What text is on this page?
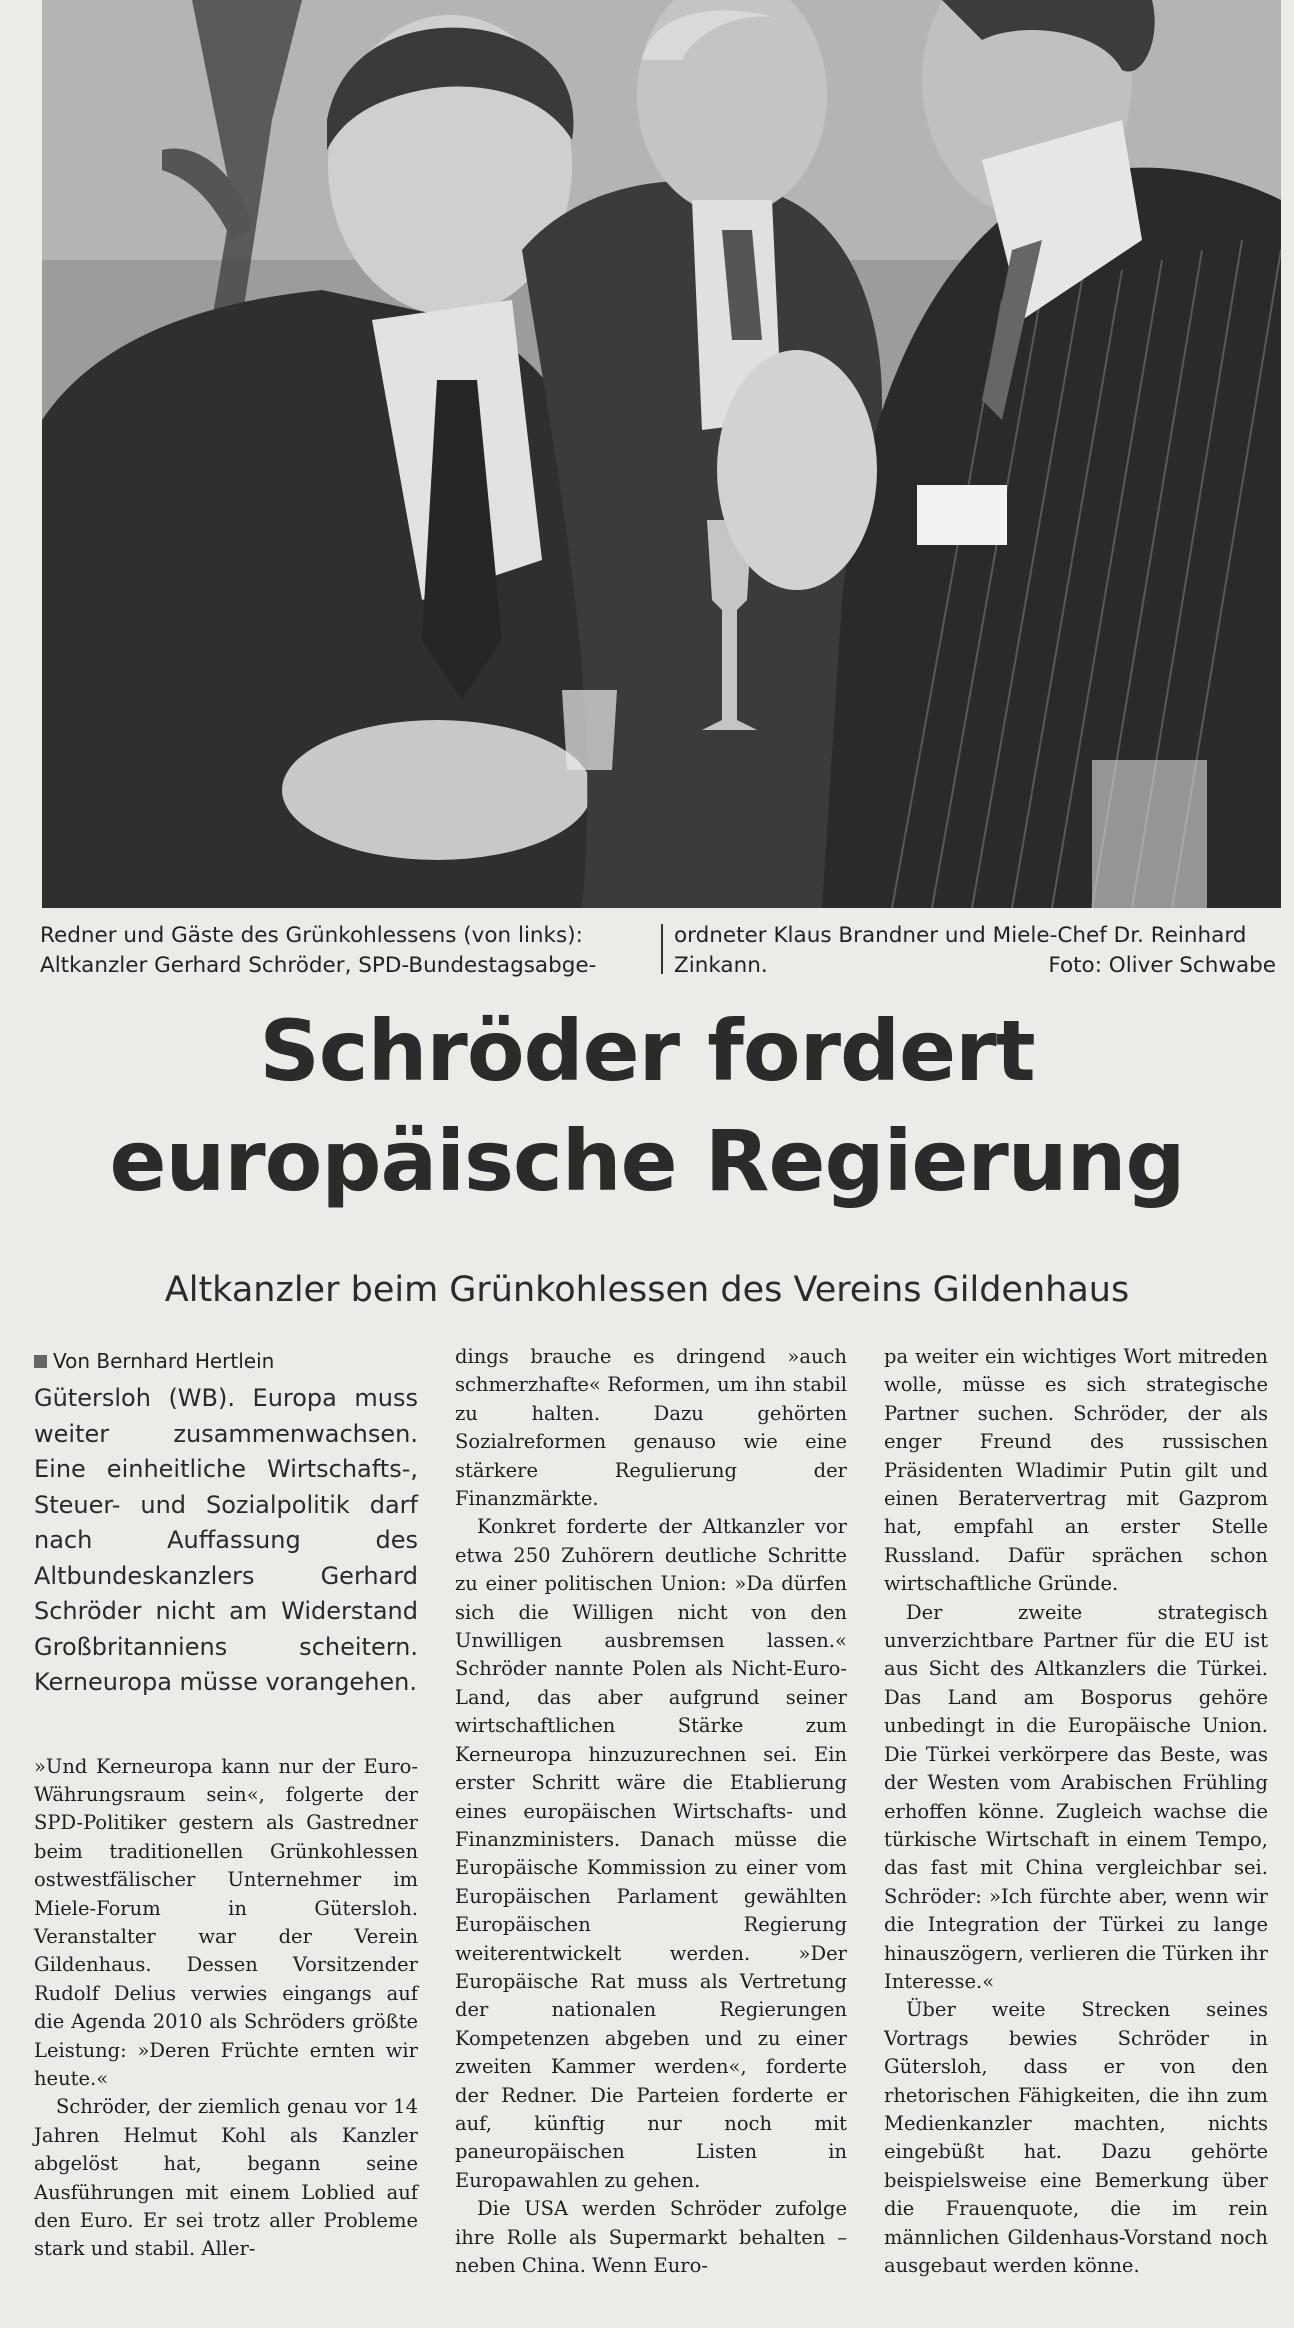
Redner und Gäste des Grünkohlessens (von links): Altkanzler Gerhard Schröder, SPD-Bundestagsabge-
ordneter Klaus Brandner und Miele-Chef Dr. Reinhard Zinkann.	Foto: Oliver Schwabe
Schröder fordert
europäische Regierung
Altkanzler beim Grünkohlessen des Vereins Gildenhaus
Von Bernhard Hertlein

Gütersloh (WB). Europa muss weiter zusammenwachsen. Eine einheitliche Wirtschafts-, Steuer- und Sozialpolitik darf nach Auffassung des Altbundeskanzlers Gerhard Schröder nicht am Widerstand Großbritanniens scheitern. Kerneuropa müsse vorangehen.

»Und Kerneuropa kann nur der Euro-Währungsraum sein«, folgerte der SPD-Politiker gestern als Gastredner beim traditionellen Grünkohlessen ostwestfälischer Unternehmer im Miele-Forum in Gütersloh. Veranstalter war der Verein Gildenhaus. Dessen Vorsitzender Rudolf Delius verwies eingangs auf die Agenda 2010 als Schröders größte Leistung: »Deren Früchte ernten wir heute.«

Schröder, der ziemlich genau vor 14 Jahren Helmut Kohl als Kanzler abgelöst hat, begann seine Ausführungen mit einem Loblied auf den Euro. Er sei trotz aller Probleme stark und stabil. Aller-

dings brauche es dringend »auch schmerzhafte« Reformen, um ihn stabil zu halten. Dazu gehörten Sozialreformen genauso wie eine stärkere Regulierung der Finanzmärkte.

Konkret forderte der Altkanzler vor etwa 250 Zuhörern deutliche Schritte zu einer politischen Union: »Da dürfen sich die Willigen nicht von den Unwilligen ausbremsen lassen.« Schröder nannte Polen als Nicht-Euro-Land, das aber aufgrund seiner wirtschaftlichen Stärke zum Kerneuropa hinzuzurechnen sei. Ein erster Schritt wäre die Etablierung eines europäischen Wirtschafts- und Finanzministers. Danach müsse die Europäische Kommission zu einer vom Europäischen Parlament gewählten Europäischen Regierung weiterentwickelt werden. »Der Europäische Rat muss als Vertretung der nationalen Regierungen Kompetenzen abgeben und zu einer zweiten Kammer werden«, forderte der Redner. Die Parteien forderte er auf, künftig nur noch mit paneuropäischen Listen in Europawahlen zu gehen.

Die USA werden Schröder zufolge ihre Rolle als Supermarkt behalten – neben China. Wenn Euro-

pa weiter ein wichtiges Wort mitreden wolle, müsse es sich strategische Partner suchen. Schröder, der als enger Freund des russischen Präsidenten Wladimir Putin gilt und einen Beratervertrag mit Gazprom hat, empfahl an erster Stelle Russland. Dafür sprächen schon wirtschaftliche Gründe.

Der zweite strategisch unverzichtbare Partner für die EU ist aus Sicht des Altkanzlers die Türkei. Das Land am Bosporus gehöre unbedingt in die Europäische Union. Die Türkei verkörpere das Beste, was der Westen vom Arabischen Frühling erhoffen könne. Zugleich wachse die türkische Wirtschaft in einem Tempo, das fast mit China vergleichbar sei. Schröder: »Ich fürchte aber, wenn wir die Integration der Türkei zu lange hinauszögern, verlieren die Türken ihr Interesse.«

Über weite Strecken seines Vortrags bewies Schröder in Gütersloh, dass er von den rhetorischen Fähigkeiten, die ihn zum Medienkanzler machten, nichts eingebüßt hat. Dazu gehörte beispielsweise eine Bemerkung über die Frauenquote, die im rein männlichen Gildenhaus-Vorstand noch ausgebaut werden könne.
